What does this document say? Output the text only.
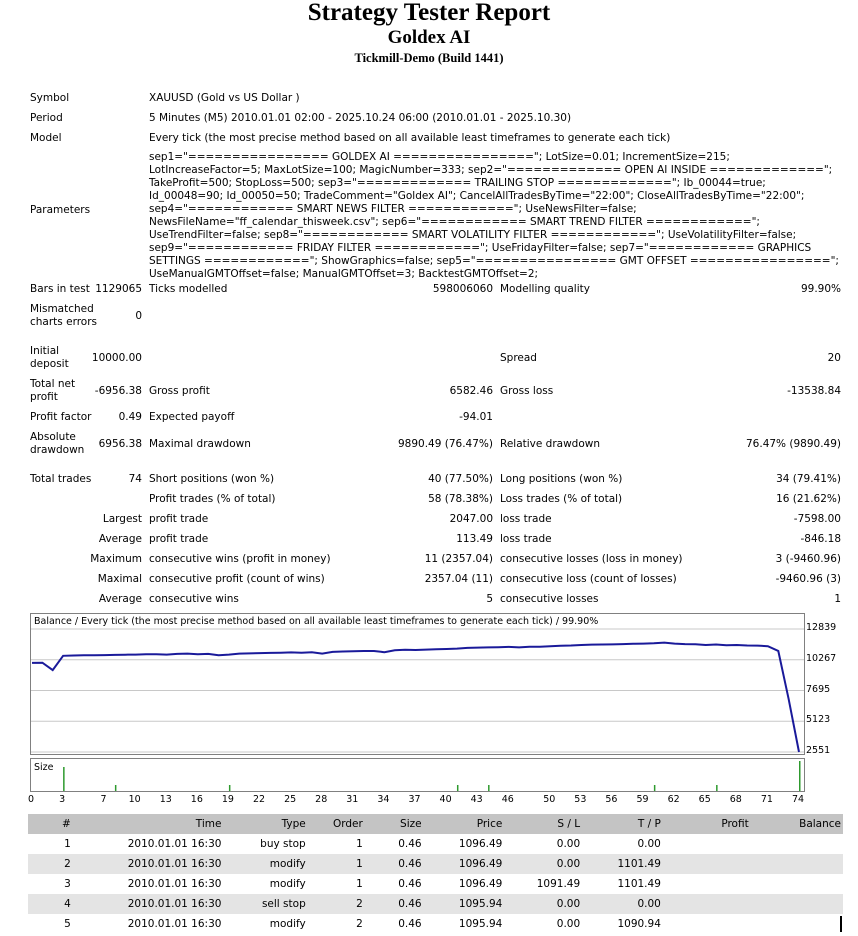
Strategy Tester Report
Goldex AI
Tickmill-Demo (Build 1441)
Symbol	XAUUSD (Gold vs US Dollar )
Period	5 Minutes (M5) 2010.01.01 02:00 - 2025.10.24 06:00 (2010.01.01 - 2025.10.30)
Model	Every tick (the most precise method based on all available least timeframes to generate each tick)
Parameters
sep1="================ GOLDEX AI ================"; LotSize=0.01; IncrementSize=215; LotIncreaseFactor=5; MaxLotSize=100; MagicNumber=333; sep2="============= OPEN AI INSIDE ============="; TakeProfit=500; StopLoss=500; sep3="============= TRAILING STOP ============="; Ib_00044=true; Id_00048=90; Id_00050=50; TradeComment="Goldex AI"; CancelAllTradesByTime="22:00"; CloseAllTradesByTime="22:00"; sep4="============ SMART NEWS FILTER ============"; UseNewsFilter=false; NewsFileName="ff_calendar_thisweek.csv"; sep6="============ SMART TREND FILTER ============"; UseTrendFilter=false; sep8="============ SMART VOLATILITY FILTER ============"; UseVolatilityFilter=false; sep9="============ FRIDAY FILTER ============"; UseFridayFilter=false; sep7="============ GRAPHICS SETTINGS ============"; ShowGraphics=false; sep5="================ GMT OFFSET ================"; UseManualGMTOffset=false; ManualGMTOffset=3; BacktestGMTOffset=2;
Bars in test 1129065 Ticks modelled	598006060 Modelling quality	99.90%
Mismatched
charts errors	0
Initial
deposit 10000.00	Spread	20
Total net
profit	-6956.38 Gross profit	6582.46 Gross loss	-13538.84
Profit factor	0.49 Expected payoff	-94.01
Absolute
drawdown	6956.38 Maximal drawdown	9890.49 (76.47%) Relative drawdown	76.47% (9890.49)
Total trades	74 Short positions (won %)	40 (77.50%) Long positions (won %)	34 (79.41%)
Profit trades (% of total)	58 (78.38%) Loss trades (% of total)	16 (21.62%)
Largest profit trade	2047.00 loss trade	-7598.00
Average profit trade	113.49 loss trade	-846.18
Maximum consecutive wins (profit in money)	11 (2357.04) consecutive losses (loss in money)	3 (-9460.96)
Maximal consecutive profit (count of wins)	2357.04 (11) consecutive loss (count of losses)	-9460.96 (3)
Average consecutive wins	5 consecutive losses	1
Balance / Every tick (the most precise method based on all available least timeframes to generate each tick) / 99.90%
12839
10267
7695
5123
2551
Size
0	3	7	10	13	16	19	22	25	28	31	34	37	40	43	46	50	53	56	59	62	65	68	71	74
#	Time	Type	Order	Size	Price	S / L	T / P	Profit	Balance
1	2010.01.01 16:30	buy stop	1	0.46	1096.49	0.00	0.00		
2	2010.01.01 16:30	modify	1	0.46	1096.49	0.00	1101.49		
3	2010.01.01 16:30	modify	1	0.46	1096.49	1091.49	1101.49		
4	2010.01.01 16:30	sell stop	2	0.46	1095.94	0.00	0.00		
5	2010.01.01 16:30	modify	2	0.46	1095.94	0.00	1090.94		
